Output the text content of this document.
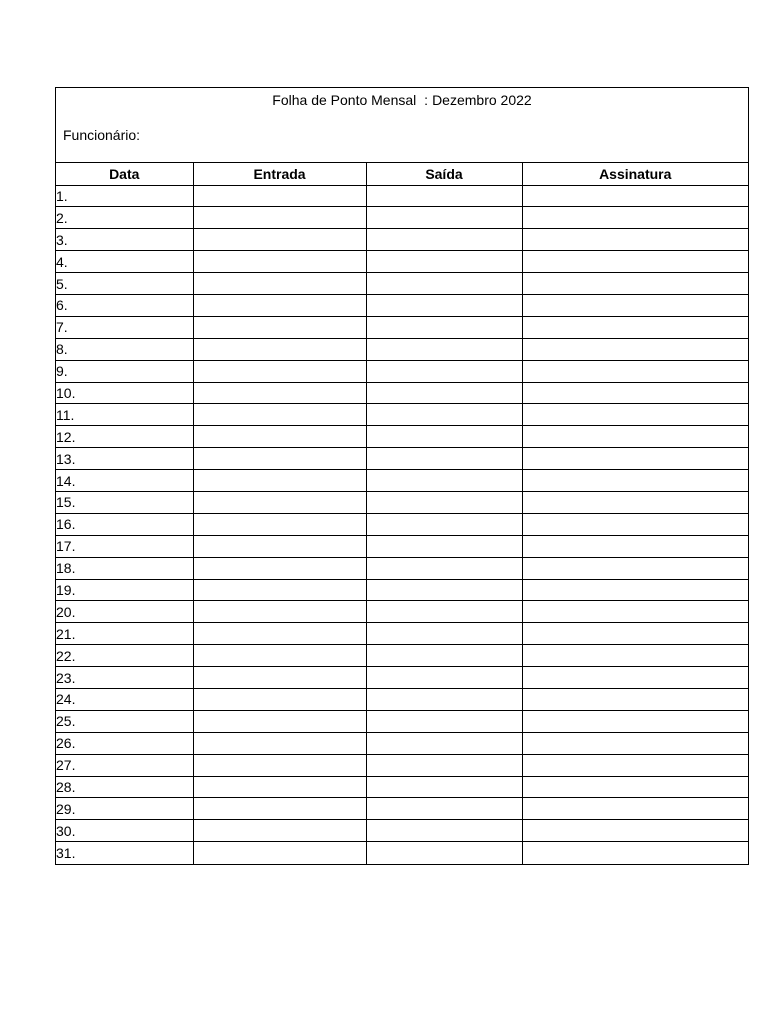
Folha de Ponto Mensal : Dezembro 2022
Funcionário:
Data	Entrada	Saída	Assinatura
1.			
2.			
3.			
4.			
5.			
6.			
7.			
8.			
9.			
10.			
11.			
12.			
13.			
14.			
15.			
16.			
17.			
18.			
19.			
20.			
21.			
22.			
23.			
24.			
25.			
26.			
27.			
28.			
29.			
30.			
31.			
